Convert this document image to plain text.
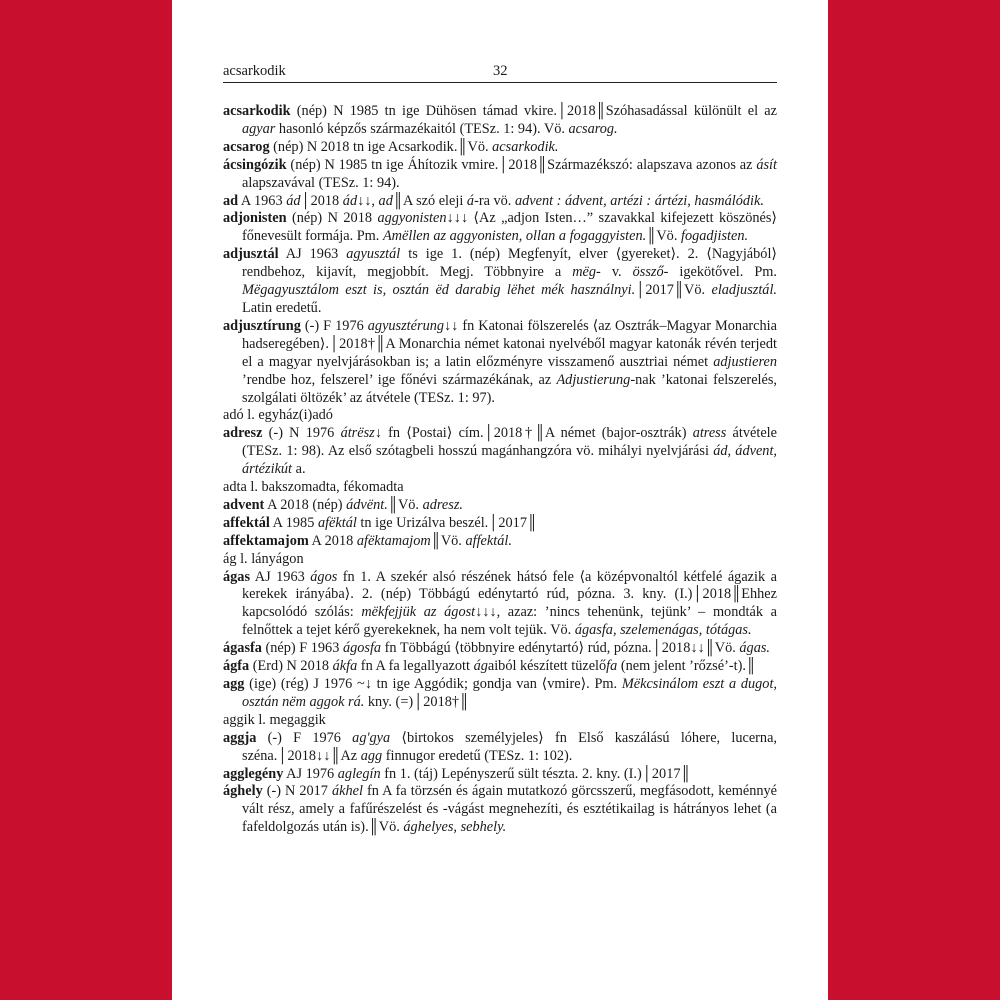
acsarkodik	32

acsarkodik (nép) N 1985 tn ige Dühösen támad vkire.│2018║Szóhasadással különült el az agyar hasonló képzős származékaitól (TESz. 1: 94). Vö. acsarog.

acsarog (nép) N 2018 tn ige Acsarkodik.║Vö. acsarkodik.

ácsingózik (nép) N 1985 tn ige Áhítozik vmire.│2018║Származékszó: alapszava azonos az ásít alapszavával (TESz. 1: 94).

ad A 1963 ád│2018 ád↓↓, ad║A szó eleji á-ra vö. advent : ádvent, artézi : ártézi, hasmálódik.

adjonisten (nép) N 2018 aggyonisten↓↓↓ ⟨Az „adjon Isten…” szavakkal kifejezett köszönés⟩ főnevesült formája. Pm. Amëllen az aggyonisten, ollan a fogaggyisten.║Vö. fogadjisten.

adjusztál AJ 1963 agyusztál ts ige 1. (nép) Megfenyít, elver ⟨gyereket⟩. 2. ⟨Nagyjából⟩ rendbehoz, kijavít, megjobbít. Megj. Többnyire a mëg- v. össző- igekötővel. Pm. Mëgagyusztálom eszt is, osztán ëd darabig lëhet mék használnyi.│2017║Vö. eladjusztál. Latin eredetű.

adjusztírung (-) F 1976 agyusztérung↓↓ fn Katonai fölszerelés ⟨az Osztrák–Magyar Monarchia hadseregében⟩.│2018†║A Monarchia német katonai nyelvéből magyar katonák révén terjedt el a magyar nyelvjárásokban is; a latin előzményre visszamenő ausztriai német adjustieren ’rendbe hoz, felszerel’ ige főnévi származékának, az Adjustierung-nak ’katonai felszerelés, szolgálati öltözék’ az átvétele (TESz. 1: 97).

adó l. egyház(i)adó

adresz (-) N 1976 átrësz↓ fn ⟨Postai⟩ cím.│2018†║A német (bajor-osztrák) atress átvétele (TESz. 1: 98). Az első szótagbeli hosszú magánhangzóra vö. mihályi nyelvjárási ád, ádvent, ártézikút a.

adta l. bakszomadta, fékomadta

advent A 2018 (nép) ádvënt.║Vö. adresz.

affektál A 1985 afëktál tn ige Urizálva beszél.│2017║

affektamajom A 2018 afëktamajom║Vö. affektál.

ág l. lányágon

ágas AJ 1963 ágos fn 1. A szekér alsó részének hátsó fele ⟨a középvonaltól kétfelé ágazik a kerekek irányába⟩. 2. (nép) Többágú edénytartó rúd, pózna. 3. kny. (I.)│2018║Ehhez kapcsolódó szólás: mëkfejjük az ágost↓↓↓, azaz: ’nincs tehenünk, tejünk’ – mondták a felnőttek a tejet kérő gyerekeknek, ha nem volt tejük. Vö. ágasfa, szelemenágas, tótágas.

ágasfa (nép) F 1963 ágosfa fn Többágú ⟨többnyire edénytartó⟩ rúd, pózna.│2018↓↓║Vö. ágas.

ágfa (Erd) N 2018 ákfa fn A fa legallyazott ágaiból készített tüzelőfa (nem jelent ’rőzsé’-t).║

agg (ige) (rég) J 1976 ~↓ tn ige Aggódik; gondja van ⟨vmire⟩. Pm. Mëkcsinálom eszt a dugot, osztán nëm aggok rá. kny. (=)│2018†║

aggik l. megaggik

aggja (-) F 1976 ag'gya ⟨birtokos személyjeles⟩ fn Első kaszálású lóhere, lucerna, széna.│2018↓↓║Az agg finnugor eredetű (TESz. 1: 102).

agglegény AJ 1976 aglegín fn 1. (táj) Lepényszerű sült tészta. 2. kny. (I.)│2017║

ághely (-) N 2017 ákhel fn A fa törzsén és ágain mutatkozó görcsszerű, megfásodott, keménnyé vált rész, amely a fafűrészelést és -vágást megnehezíti, és esztétikailag is hátrányos lehet (a fafeldolgozás után is).║Vö. ághelyes, sebhely.
